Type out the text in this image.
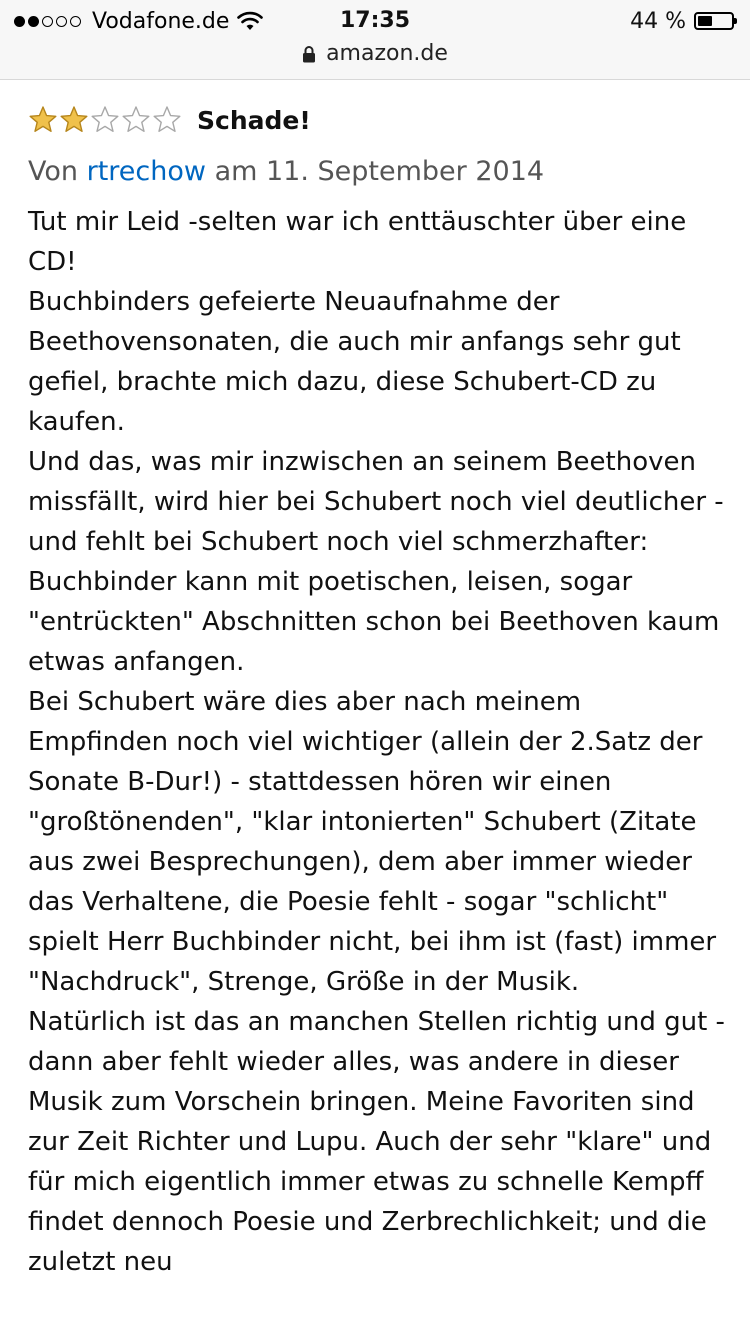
Vodafone.de	17:35	44 %
amazon.de
Schade!
Von rtrechow am 11. September 2014
Tut mir Leid -selten war ich enttäuschter über eine CD!
Buchbinders gefeierte Neuaufnahme der Beethovensonaten, die auch mir anfangs sehr gut gefiel, brachte mich dazu, diese Schubert-CD zu kaufen.
Und das, was mir inzwischen an seinem Beethoven missfällt, wird hier bei Schubert noch viel deutlicher - und fehlt bei Schubert noch viel schmerzhafter:
Buchbinder kann mit poetischen, leisen, sogar "entrückten" Abschnitten schon bei Beethoven kaum etwas anfangen.
Bei Schubert wäre dies aber nach meinem Empfinden noch viel wichtiger (allein der 2.Satz der Sonate B-Dur!) - stattdessen hören wir einen "großtönenden", "klar intonierten" Schubert (Zitate aus zwei Besprechungen), dem aber immer wieder das Verhaltene, die Poesie fehlt - sogar "schlicht" spielt Herr Buchbinder nicht, bei ihm ist (fast) immer "Nachdruck", Strenge, Größe in der Musik.
Natürlich ist das an manchen Stellen richtig und gut - dann aber fehlt wieder alles, was andere in dieser Musik zum Vorschein bringen. Meine Favoriten sind zur Zeit Richter und Lupu. Auch der sehr "klare" und für mich eigentlich immer etwas zu schnelle Kempff findet dennoch Poesie und Zerbrechlichkeit; und die zuletzt neu
